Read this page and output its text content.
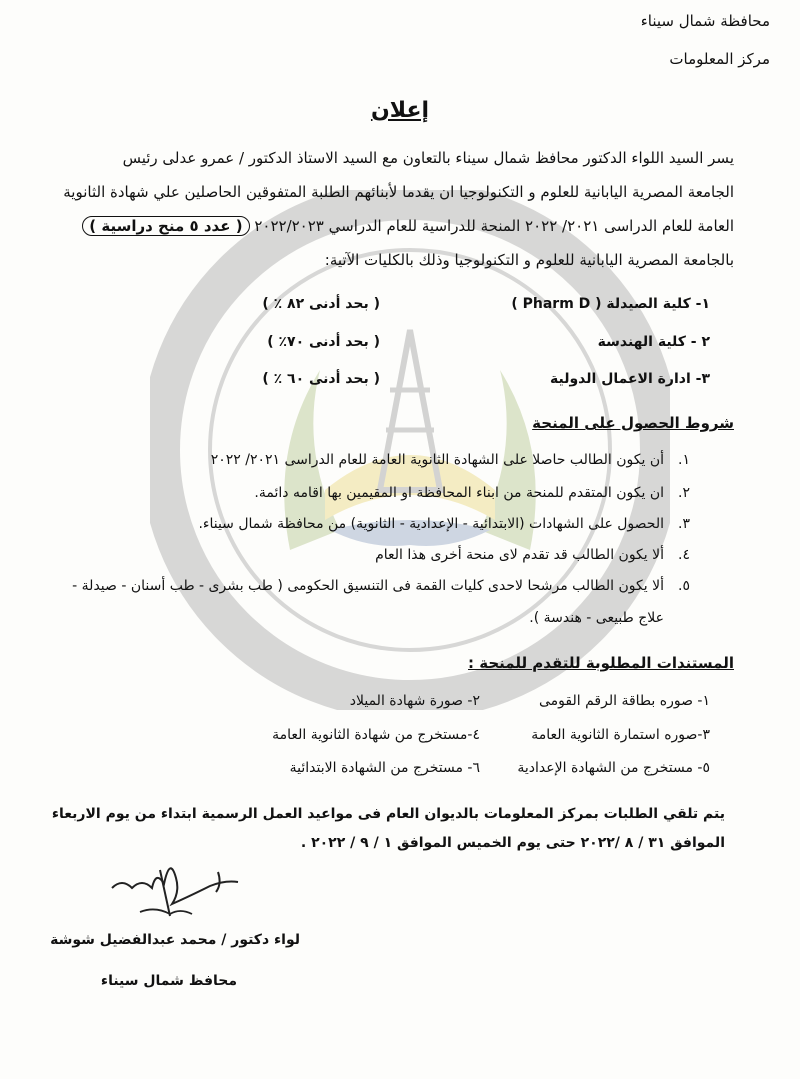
محافظة شمال سيناء
مركز المعلومات
إعلان
يسر السيد اللواء الدكتور محافظ شمال سيناء بالتعاون مع السيد الاستاذ الدكتور / عمرو عدلى رئيس
الجامعة المصرية اليابانية للعلوم و التكنولوجيا ان يقدما لأبنائهم الطلبة المتفوقين الحاصلين علي شهادة الثانوية
العامة للعام الدراسى ٢٠٢١/ ٢٠٢٢ المنحة للدراسية للعام الدراسي ٢٠٢٢/٢٠٢٣ ( عدد ٥ منح دراسية )
بالجامعة المصرية اليابانية للعلوم و التكنولوجيا وذلك بالكليات الآتية:
١- كلية الصيدلة ( Pharm D )
( بحد أدنى ٨٢ ٪ )
٢ - كلية الهندسة
( بحد أدنى ٧٠٪ )
٣- ادارة الاعمال الدولية
( بحد أدنى ٦٠ ٪ )
شروط الحصول على المنحة
١.أن يكون الطالب حاصلا على الشهادة الثانوية العامة للعام الدراسى ٢٠٢١/ ٢٠٢٢
٢.ان يكون المتقدم للمنحة من ابناء المحافظة او المقيمين بها اقامه دائمة.
٣.الحصول على الشهادات (الابتدائية - الإعدادية - الثانوية) من محافظة شمال سيناء.
٤.ألا يكون الطالب قد تقدم لاى منحة أخرى هذا العام
٥.ألا يكون الطالب مرشحا لاحدى كليات القمة فى التنسيق الحكومى ( طب بشرى - طب أسنان - صيدلة -
علاج طبيعى - هندسة ).
المستندات المطلوبة للتقدم للمنحة :
١- صوره بطاقة الرقم القومى
٢- صورة شهادة الميلاد
٣-صوره استمارة الثانوية العامة
٤-مستخرج من شهادة الثانوية العامة
٥- مستخرج من الشهادة الإعدادية
٦- مستخرج من الشهادة الابتدائية
يتم تلقي الطلبات بمركز المعلومات بالديوان العام فى مواعيد العمل الرسمية ابتداء من يوم الاربعاء
الموافق ٣١ / ٨ /٢٠٢٢ حتى يوم الخميس الموافق ١ / ٩ / ٢٠٢٢ .
لواء دكتور / محمد عبدالفضيل شوشة
محافظ شمال سيناء
